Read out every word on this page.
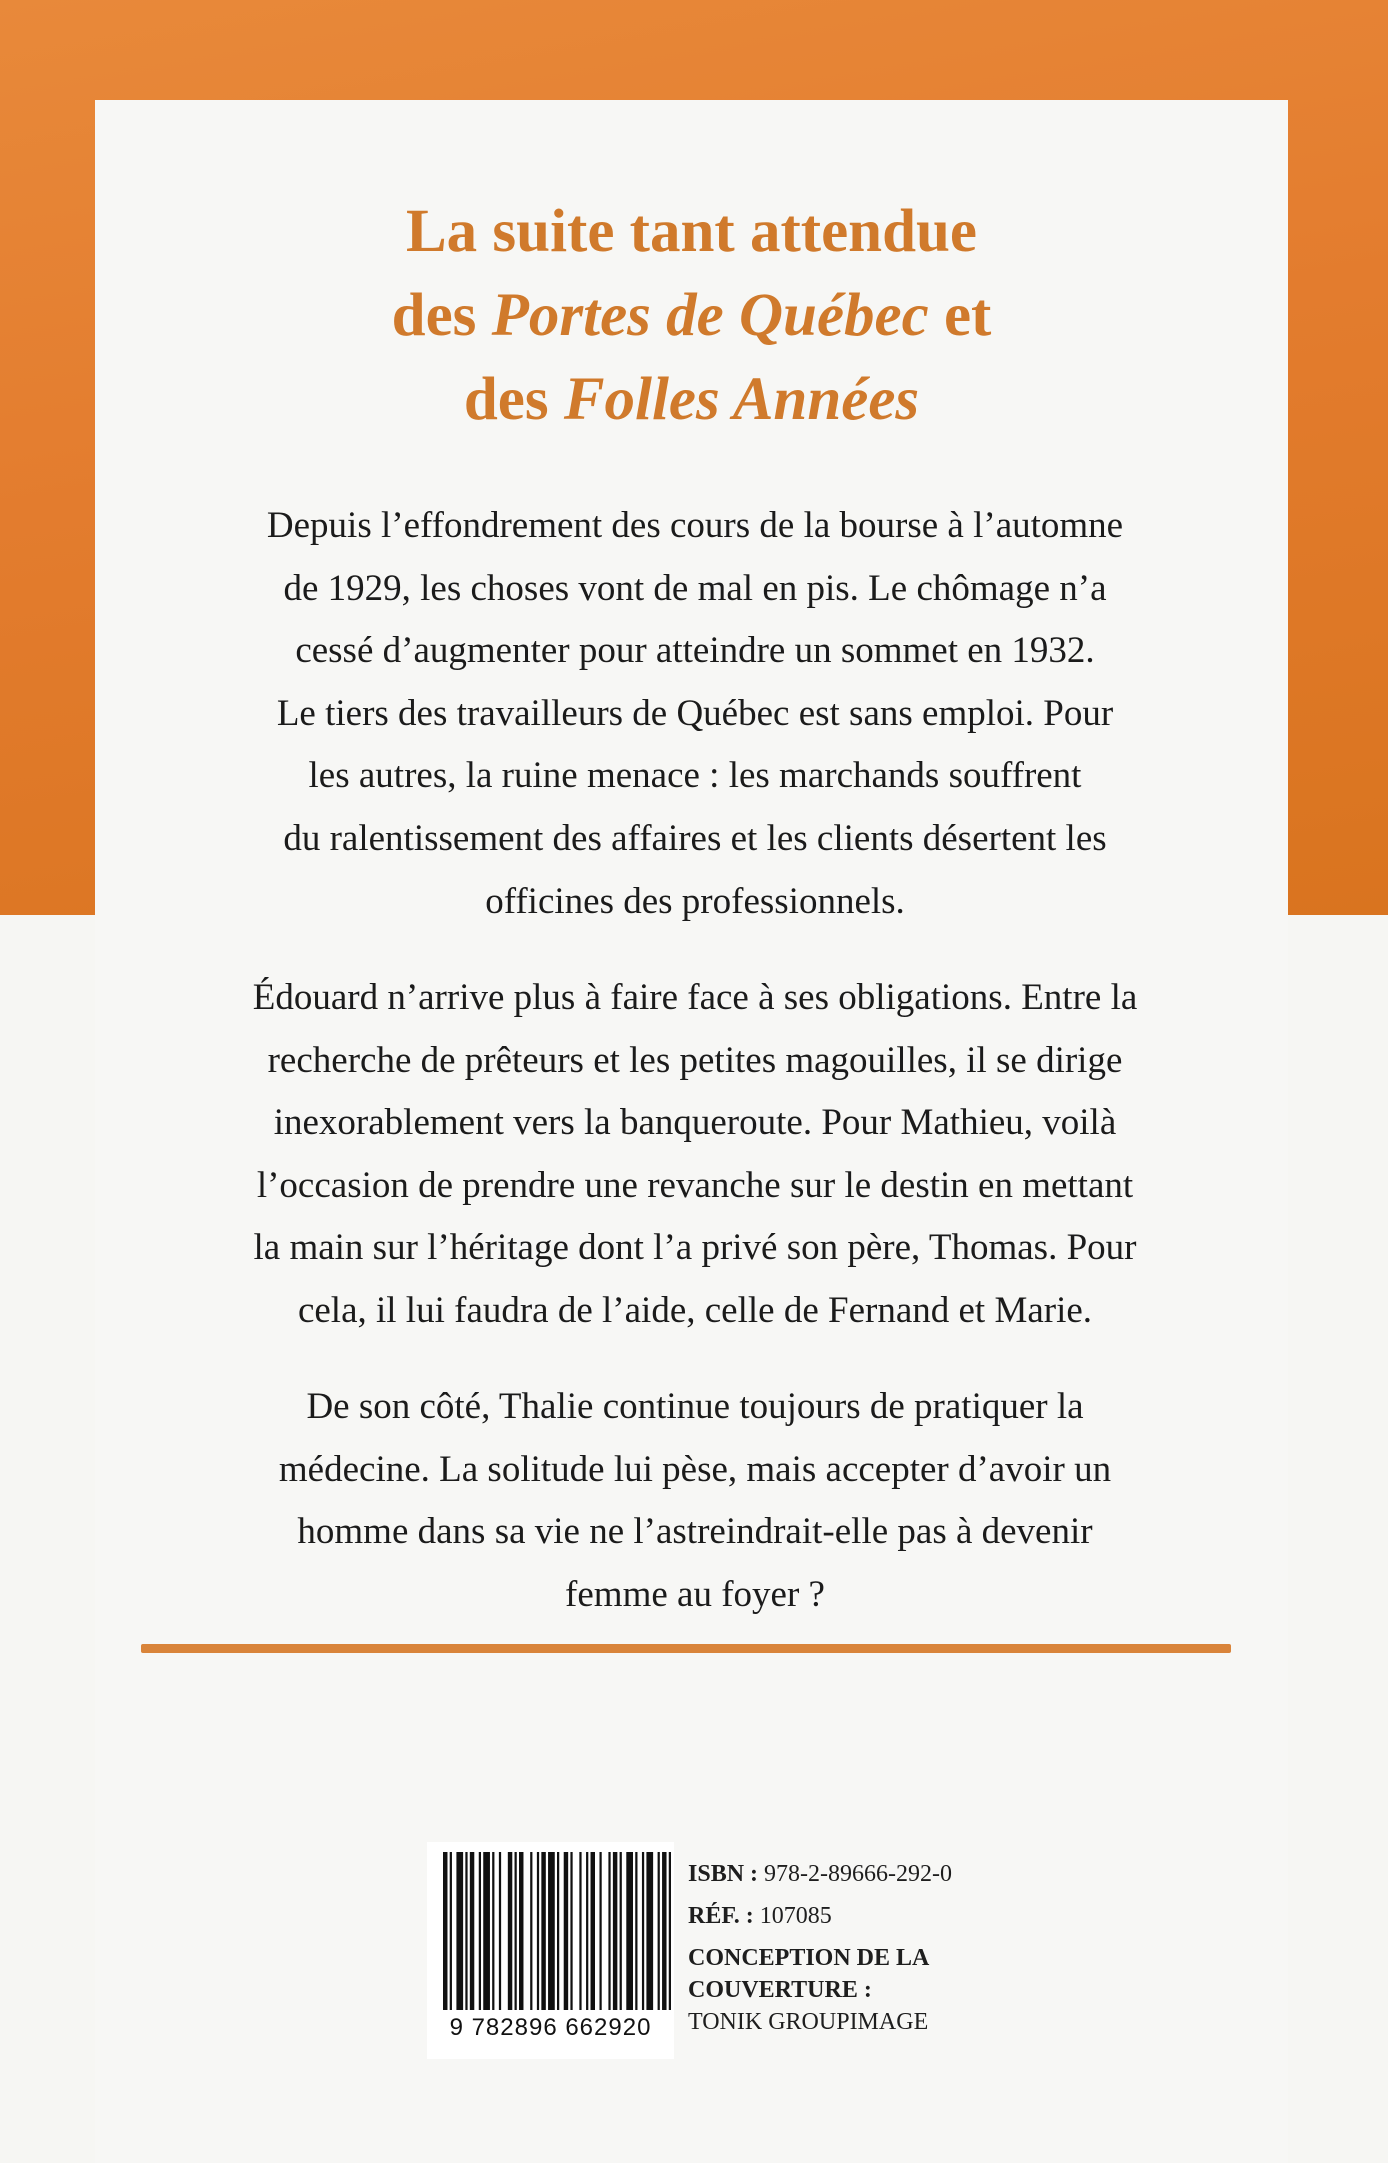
La suite tant attendue
des Portes de Québec et
des Folles Années
Depuis l’effondrement des cours de la bourse à l’automne
de 1929, les choses vont de mal en pis. Le chômage n’a
cessé d’augmenter pour atteindre un sommet en 1932.
Le tiers des travailleurs de Québec est sans emploi. Pour
les autres, la ruine menace : les marchands souffrent
du ralentissement des affaires et les clients désertent les
officines des professionnels.
Édouard n’arrive plus à faire face à ses obligations. Entre la
recherche de prêteurs et les petites magouilles, il se dirige
inexorablement vers la banqueroute. Pour Mathieu, voilà
l’occasion de prendre une revanche sur le destin en mettant
la main sur l’héritage dont l’a privé son père, Thomas. Pour
cela, il lui faudra de l’aide, celle de Fernand et Marie.
De son côté, Thalie continue toujours de pratiquer la
médecine. La solitude lui pèse, mais accepter d’avoir un
homme dans sa vie ne l’astreindrait-elle pas à devenir
femme au foyer ?
9 782896 662920
ISBN : 978-2-89666-292-0
RÉF. : 107085
CONCEPTION DE LA
COUVERTURE :
TONIK GROUPIMAGE
